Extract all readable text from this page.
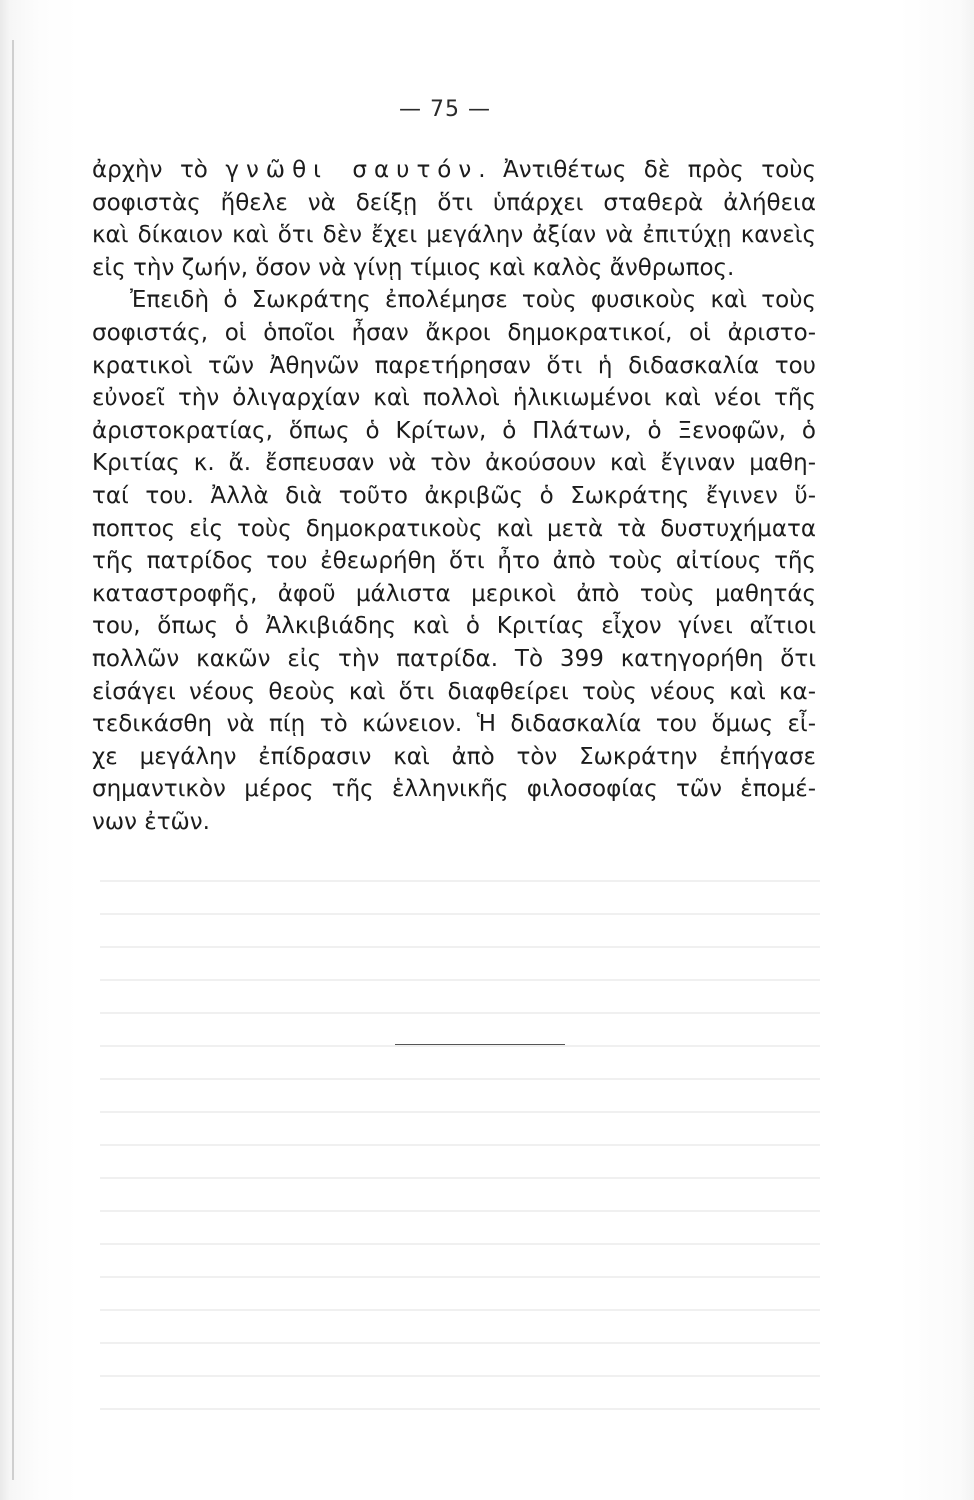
— 75 —
ἀρχὴν τὸ γνῶθι σαυτόν. Ἀντιθέτως δὲ πρὸς τοὺς
σοφιστὰς ἤθελε νὰ δείξῃ ὅτι ὑπάρχει σταθερὰ ἀλήθεια
καὶ δίκαιον καὶ ὅτι δὲν ἔχει μεγάλην ἀξίαν νὰ ἐπιτύχῃ κανεὶς
εἰς τὴν ζωήν, ὅσον νὰ γίνῃ τίμιος καὶ καλὸς ἄνθρωπος.
Ἐπειδὴ ὁ Σωκράτης ἐπολέμησε τοὺς φυσικοὺς καὶ τοὺς
σοφιστάς, οἱ ὁποῖοι ἦσαν ἄκροι δημοκρατικοί, οἱ ἀριστο-
κρατικοὶ τῶν Ἀθηνῶν παρετήρησαν ὅτι ἡ διδασκαλία του
εὐνοεῖ τὴν ὀλιγαρχίαν καὶ πολλοὶ ἡλικιωμένοι καὶ νέοι τῆς
ἀριστοκρατίας, ὅπως ὁ Κρίτων, ὁ Πλάτων, ὁ Ξενοφῶν, ὁ
Κριτίας κ. ἄ. ἔσπευσαν νὰ τὸν ἀκούσουν καὶ ἔγιναν μαθη-
ταί του. Ἀλλὰ διὰ τοῦτο ἀκριβῶς ὁ Σωκράτης ἔγινεν ὕ-
ποπτος εἰς τοὺς δημοκρατικοὺς καὶ μετὰ τὰ δυστυχήματα
τῆς πατρίδος του ἐθεωρήθη ὅτι ἦτο ἀπὸ τοὺς αἰτίους τῆς
καταστροφῆς, ἀφοῦ μάλιστα μερικοὶ ἀπὸ τοὺς μαθητάς
του, ὅπως ὁ Ἀλκιβιάδης καὶ ὁ Κριτίας εἶχον γίνει αἴτιοι
πολλῶν κακῶν εἰς τὴν πατρίδα. Τὸ 399 κατηγορήθη ὅτι
εἰσάγει νέους θεοὺς καὶ ὅτι διαφθείρει τοὺς νέους καὶ κα-
τεδικάσθη νὰ πίῃ τὸ κώνειον. Ἡ διδασκαλία του ὅμως εἶ-
χε μεγάλην ἐπίδρασιν καὶ ἀπὸ τὸν Σωκράτην ἐπήγασε
σημαντικὸν μέρος τῆς ἑλληνικῆς φιλοσοφίας τῶν ἑπομέ-
νων ἐτῶν.
